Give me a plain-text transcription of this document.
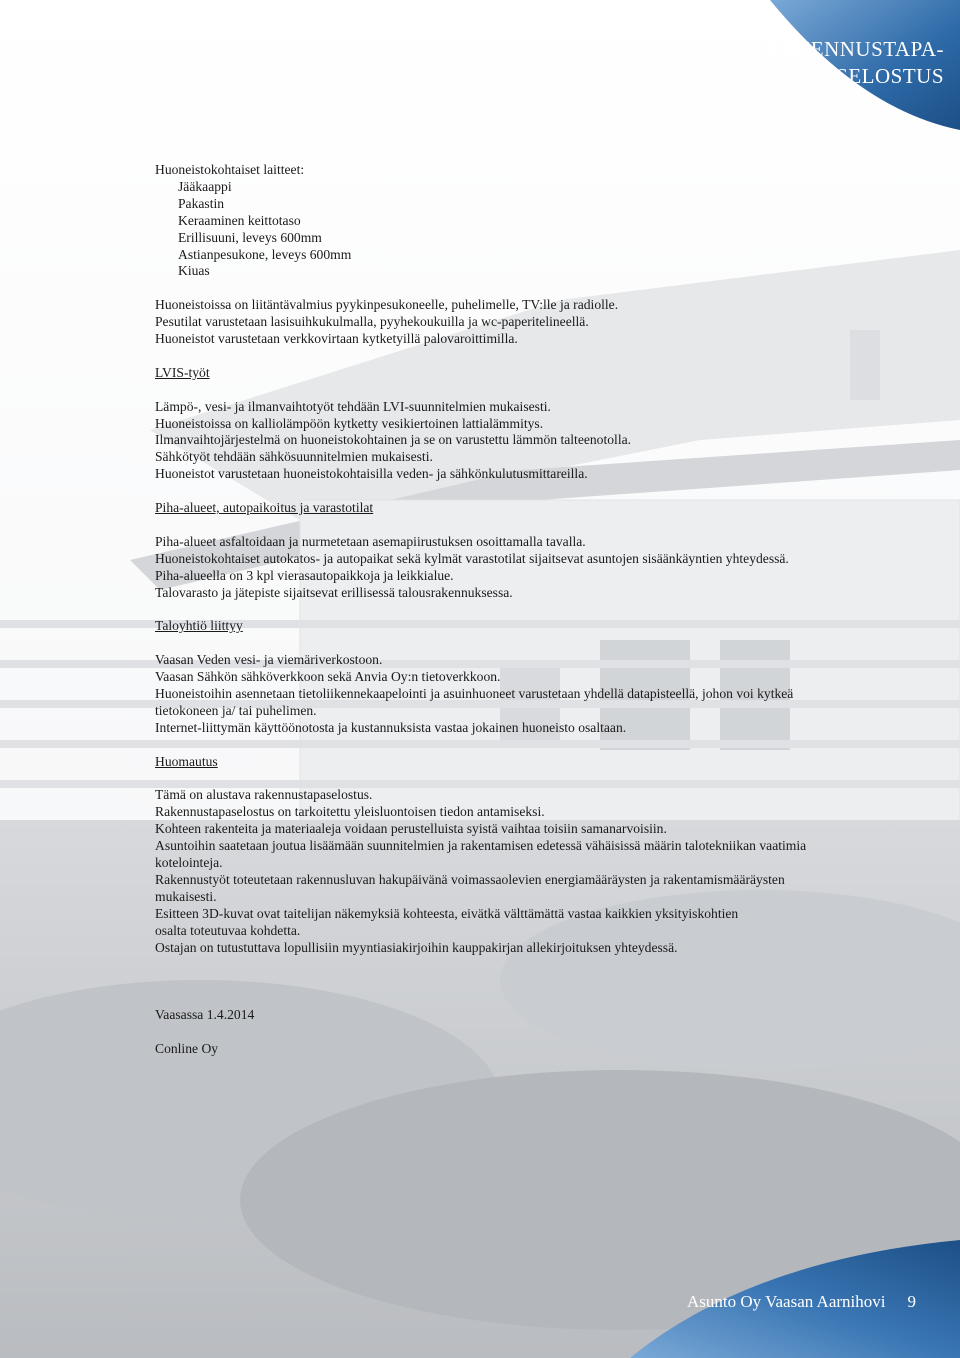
RAKENNUSTAPA-
SELOSTUS

Huoneistokohtaiset laitteet:

Jääkaappi

Pakastin

Keraaminen keittotaso

Erillisuuni, leveys 600mm

Astianpesukone, leveys 600mm

Kiuas

Huoneistoissa on liitäntävalmius pyykinpesukoneelle, puhelimelle, TV:lle ja radiolle.

Pesutilat varustetaan lasisuihkukulmalla, pyyhekoukuilla ja wc-paperitelineellä.

Huoneistot varustetaan verkkovirtaan kytketyillä palovaroittimilla.

LVIS-työt

Lämpö-, vesi- ja ilmanvaihtotyöt tehdään LVI-suunnitelmien mukaisesti.

Huoneistoissa on kalliolämpöön kytketty vesikiertoinen lattialämmitys.

Ilmanvaihtojärjestelmä on huoneistokohtainen ja se on varustettu lämmön talteenotolla.

Sähkötyöt tehdään sähkösuunnitelmien mukaisesti.

Huoneistot varustetaan huoneistokohtaisilla veden- ja sähkönkulutusmittareilla.

Piha-alueet, autopaikoitus ja varastotilat

Piha-alueet asfaltoidaan ja nurmetetaan asemapiirustuksen osoittamalla tavalla.

Huoneistokohtaiset autokatos- ja autopaikat sekä kylmät varastotilat sijaitsevat asuntojen sisäänkäyntien yhteydessä.

Piha-alueella on 3 kpl vierasautopaikkoja ja leikkialue.

Talovarasto ja jätepiste sijaitsevat erillisessä talousrakennuksessa.

Taloyhtiö liittyy

Vaasan Veden vesi- ja viemäriverkostoon.

Vaasan Sähkön sähköverkkoon sekä Anvia Oy:n tietoverkkoon.

Huoneistoihin asennetaan tietoliikennekaapelointi ja asuinhuoneet varustetaan yhdellä datapisteellä, johon voi kytkeä

tietokoneen ja/ tai puhelimen.

Internet-liittymän käyttöönotosta ja kustannuksista vastaa jokainen huoneisto osaltaan.

Huomautus

Tämä on alustava rakennustapaselostus.

Rakennustapaselostus on tarkoitettu yleisluontoisen tiedon antamiseksi.

Kohteen rakenteita ja materiaaleja voidaan perustelluista syistä vaihtaa toisiin samanarvoisiin.

Asuntoihin saatetaan joutua lisäämään suunnitelmien ja rakentamisen edetessä vähäisissä määrin talotekniikan vaatimia

kotelointeja.

Rakennustyöt toteutetaan rakennusluvan hakupäivänä voimassaolevien energiamääräysten ja rakentamismääräysten

mukaisesti.

Esitteen 3D-kuvat ovat taitelijan näkemyksiä kohteesta, eivätkä välttämättä vastaa kaikkien yksityiskohtien

osalta toteutuvaa kohdetta.

Ostajan on tutustuttava lopullisiin myyntiasiakirjoihin kauppakirjan allekirjoituksen yhteydessä.

Vaasassa 1.4.2014

Conline Oy

Asunto Oy Vaasan Aarnihovi 9
